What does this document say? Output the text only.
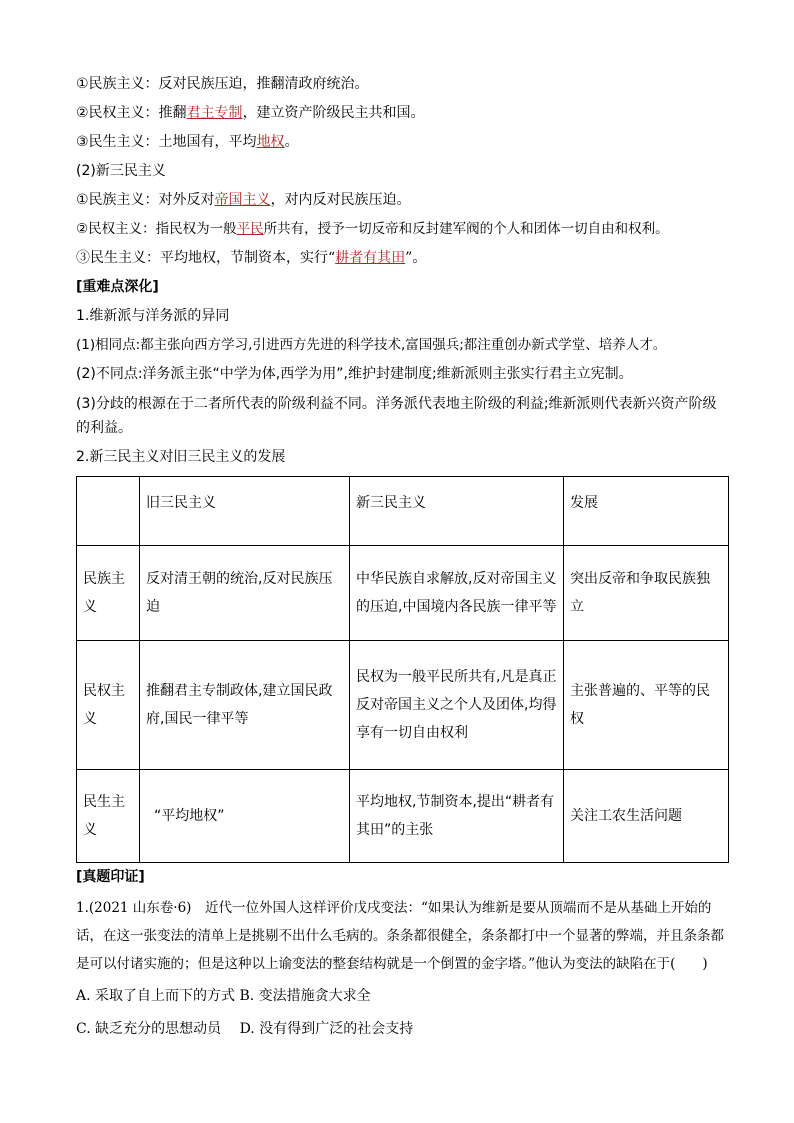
①民族主义：反对民族压迫，推翻清政府统治。
②民权主义：推翻君主专制，建立资产阶级民主共和国。
③民生主义：土地国有，平均地权。
(2)新三民主义
①民族主义：对外反对帝国主义，对内反对民族压迫。
②民权主义：指民权为一般平民所共有，授予一切反帝和反封建军阀的个人和团体一切自由和权利。
③民生主义：平均地权，节制资本，实行“耕者有其田”。
[重难点深化]
1.维新派与洋务派的异同
(1)相同点:都主张向西方学习,引进西方先进的科学技术,富国强兵;都注重创办新式学堂、培养人才。
(2)不同点:洋务派主张“中学为体,西学为用”,维护封建制度;维新派则主张实行君主立宪制。
(3)分歧的根源在于二者所代表的阶级利益不同。洋务派代表地主阶级的利益;维新派则代表新兴资产阶级的利益。
2.新三民主义对旧三民主义的发展
	旧三民主义	新三民主义	发展
民族主义	反对清王朝的统治,反对民族压迫	中华民族自求解放,反对帝国主义的压迫,中国境内各民族一律平等	突出反帝和争取民族独立
民权主义	推翻君主专制政体,建立国民政府,国民一律平等	民权为一般平民所共有,凡是真正反对帝国主义之个人及团体,均得享有一切自由权利	主张普遍的、平等的民权
民生主义	“平均地权”	平均地权,节制资本,提出“耕者有其田”的主张	关注工农生活问题
[真题印证]
1.(2021 山东卷·6)　近代一位外国人这样评价戊戌变法：“如果认为维新是要从顶端而不是从基础上开始的话，在这一张变法的清单上是挑剔不出什么毛病的。条条都很健全，条条都打中一个显著的弊端，并且条条都是可以付诸实施的；但是这种以上谕变法的整套结构就是一个倒置的金字塔。”他认为变法的缺陷在于(　　)
A. 采取了自上而下的方式 B. 变法措施贪大求全
C. 缺乏充分的思想动员　 D. 没有得到广泛的社会支持
